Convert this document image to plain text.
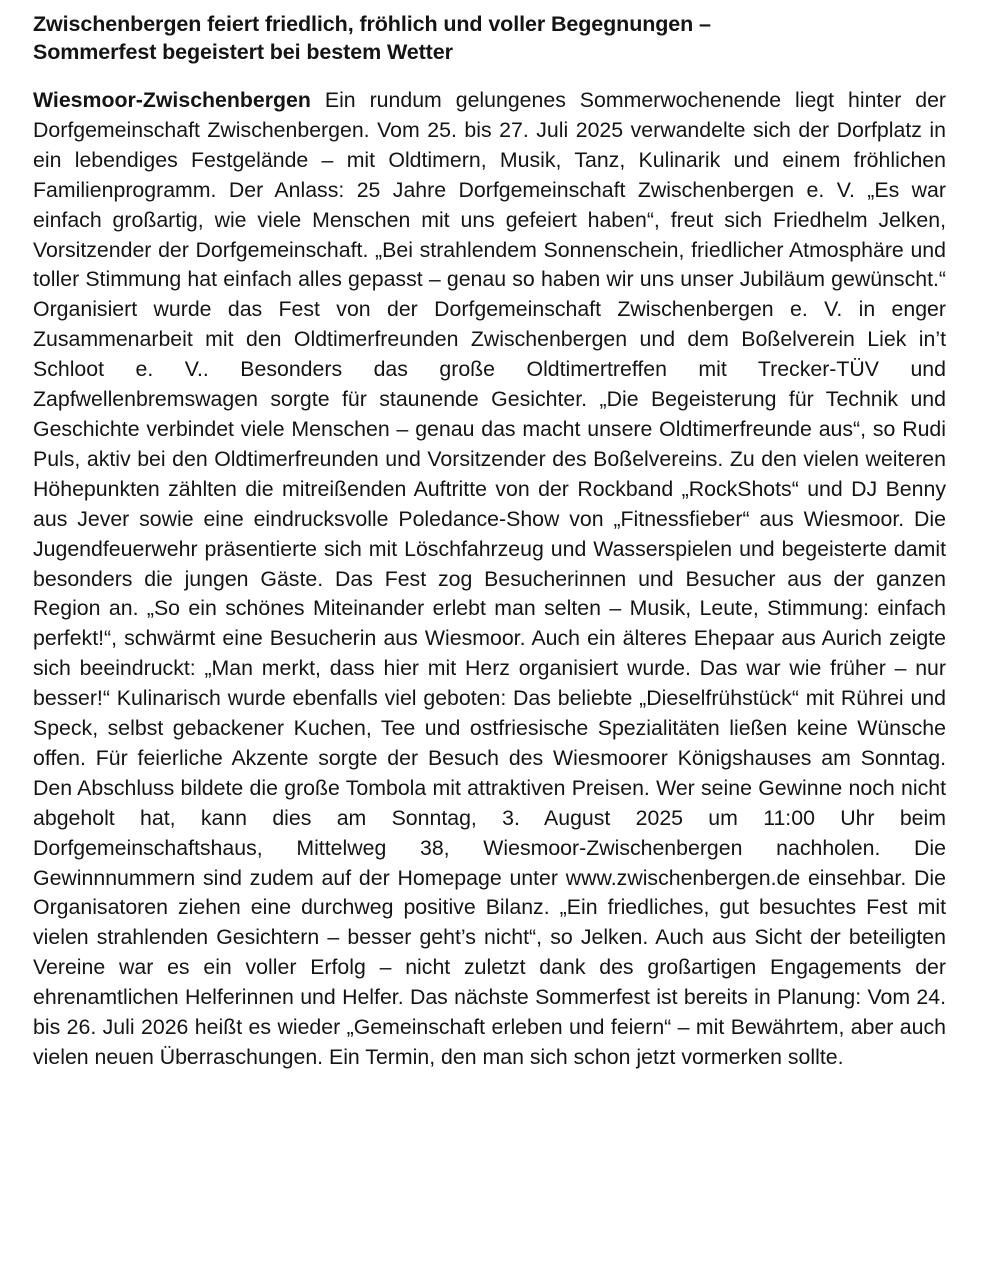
Zwischenbergen feiert friedlich, fröhlich und voller Begegnungen –
Sommerfest begeistert bei bestem Wetter

Wiesmoor-Zwischenbergen Ein rundum gelungenes Sommerwochenende liegt hinter der Dorfgemeinschaft Zwischenbergen. Vom 25. bis 27. Juli 2025 verwandelte sich der Dorfplatz in ein lebendiges Festgelände – mit Oldtimern, Musik, Tanz, Kulinarik und einem fröhlichen Familienprogramm. Der Anlass: 25 Jahre Dorfgemeinschaft Zwischenbergen e. V. „Es war einfach großartig, wie viele Menschen mit uns gefeiert haben“, freut sich Friedhelm Jelken, Vorsitzender der Dorfgemeinschaft. „Bei strahlendem Sonnenschein, friedlicher Atmosphäre und toller Stimmung hat einfach alles gepasst – genau so haben wir uns unser Jubiläum gewünscht.“ Organisiert wurde das Fest von der Dorfgemeinschaft Zwischenbergen e. V. in enger Zusammenarbeit mit den Oldtimerfreunden Zwischenbergen und dem Boßelverein Liek in’t Schloot e. V.. Besonders das große Oldtimertreffen mit Trecker-TÜV und Zapfwellenbremswagen sorgte für staunende Gesichter. „Die Begeisterung für Technik und Geschichte verbindet viele Menschen – genau das macht unsere Oldtimerfreunde aus“, so Rudi Puls, aktiv bei den Oldtimerfreunden und Vorsitzender des Boßelvereins. Zu den vielen weiteren Höhepunkten zählten die mitreißenden Auftritte von der Rockband „RockShots“ und DJ Benny aus Jever sowie eine eindrucksvolle Poledance-Show von „Fitnessfieber“ aus Wiesmoor. Die Jugendfeuerwehr präsentierte sich mit Löschfahrzeug und Wasserspielen und begeisterte damit besonders die jungen Gäste. Das Fest zog Besucherinnen und Besucher aus der ganzen Region an. „So ein schönes Miteinander erlebt man selten – Musik, Leute, Stimmung: einfach perfekt!“, schwärmt eine Besucherin aus Wiesmoor. Auch ein älteres Ehepaar aus Aurich zeigte sich beeindruckt: „Man merkt, dass hier mit Herz organisiert wurde. Das war wie früher – nur besser!“ Kulinarisch wurde ebenfalls viel geboten: Das beliebte „Dieselfrühstück“ mit Rührei und Speck, selbst gebackener Kuchen, Tee und ostfriesische Spezialitäten ließen keine Wünsche offen. Für feierliche Akzente sorgte der Besuch des Wiesmoorer Königshauses am Sonntag. Den Abschluss bildete die große Tombola mit attraktiven Preisen. Wer seine Gewinne noch nicht abgeholt hat, kann dies am Sonntag, 3. August 2025 um 11:00 Uhr beim Dorfgemeinschaftshaus, Mittelweg 38, Wiesmoor-Zwischenbergen nachholen. Die Gewinnnummern sind zudem auf der Homepage unter www.zwischenbergen.de einsehbar. Die Organisatoren ziehen eine durchweg positive Bilanz. „Ein friedliches, gut besuchtes Fest mit vielen strahlenden Gesichtern – besser geht’s nicht“, so Jelken. Auch aus Sicht der beteiligten Vereine war es ein voller Erfolg – nicht zuletzt dank des großartigen Engagements der ehrenamtlichen Helferinnen und Helfer. Das nächste Sommerfest ist bereits in Planung: Vom 24. bis 26. Juli 2026 heißt es wieder „Gemeinschaft erleben und feiern“ – mit Bewährtem, aber auch vielen neuen Überraschungen. Ein Termin, den man sich schon jetzt vormerken sollte.
